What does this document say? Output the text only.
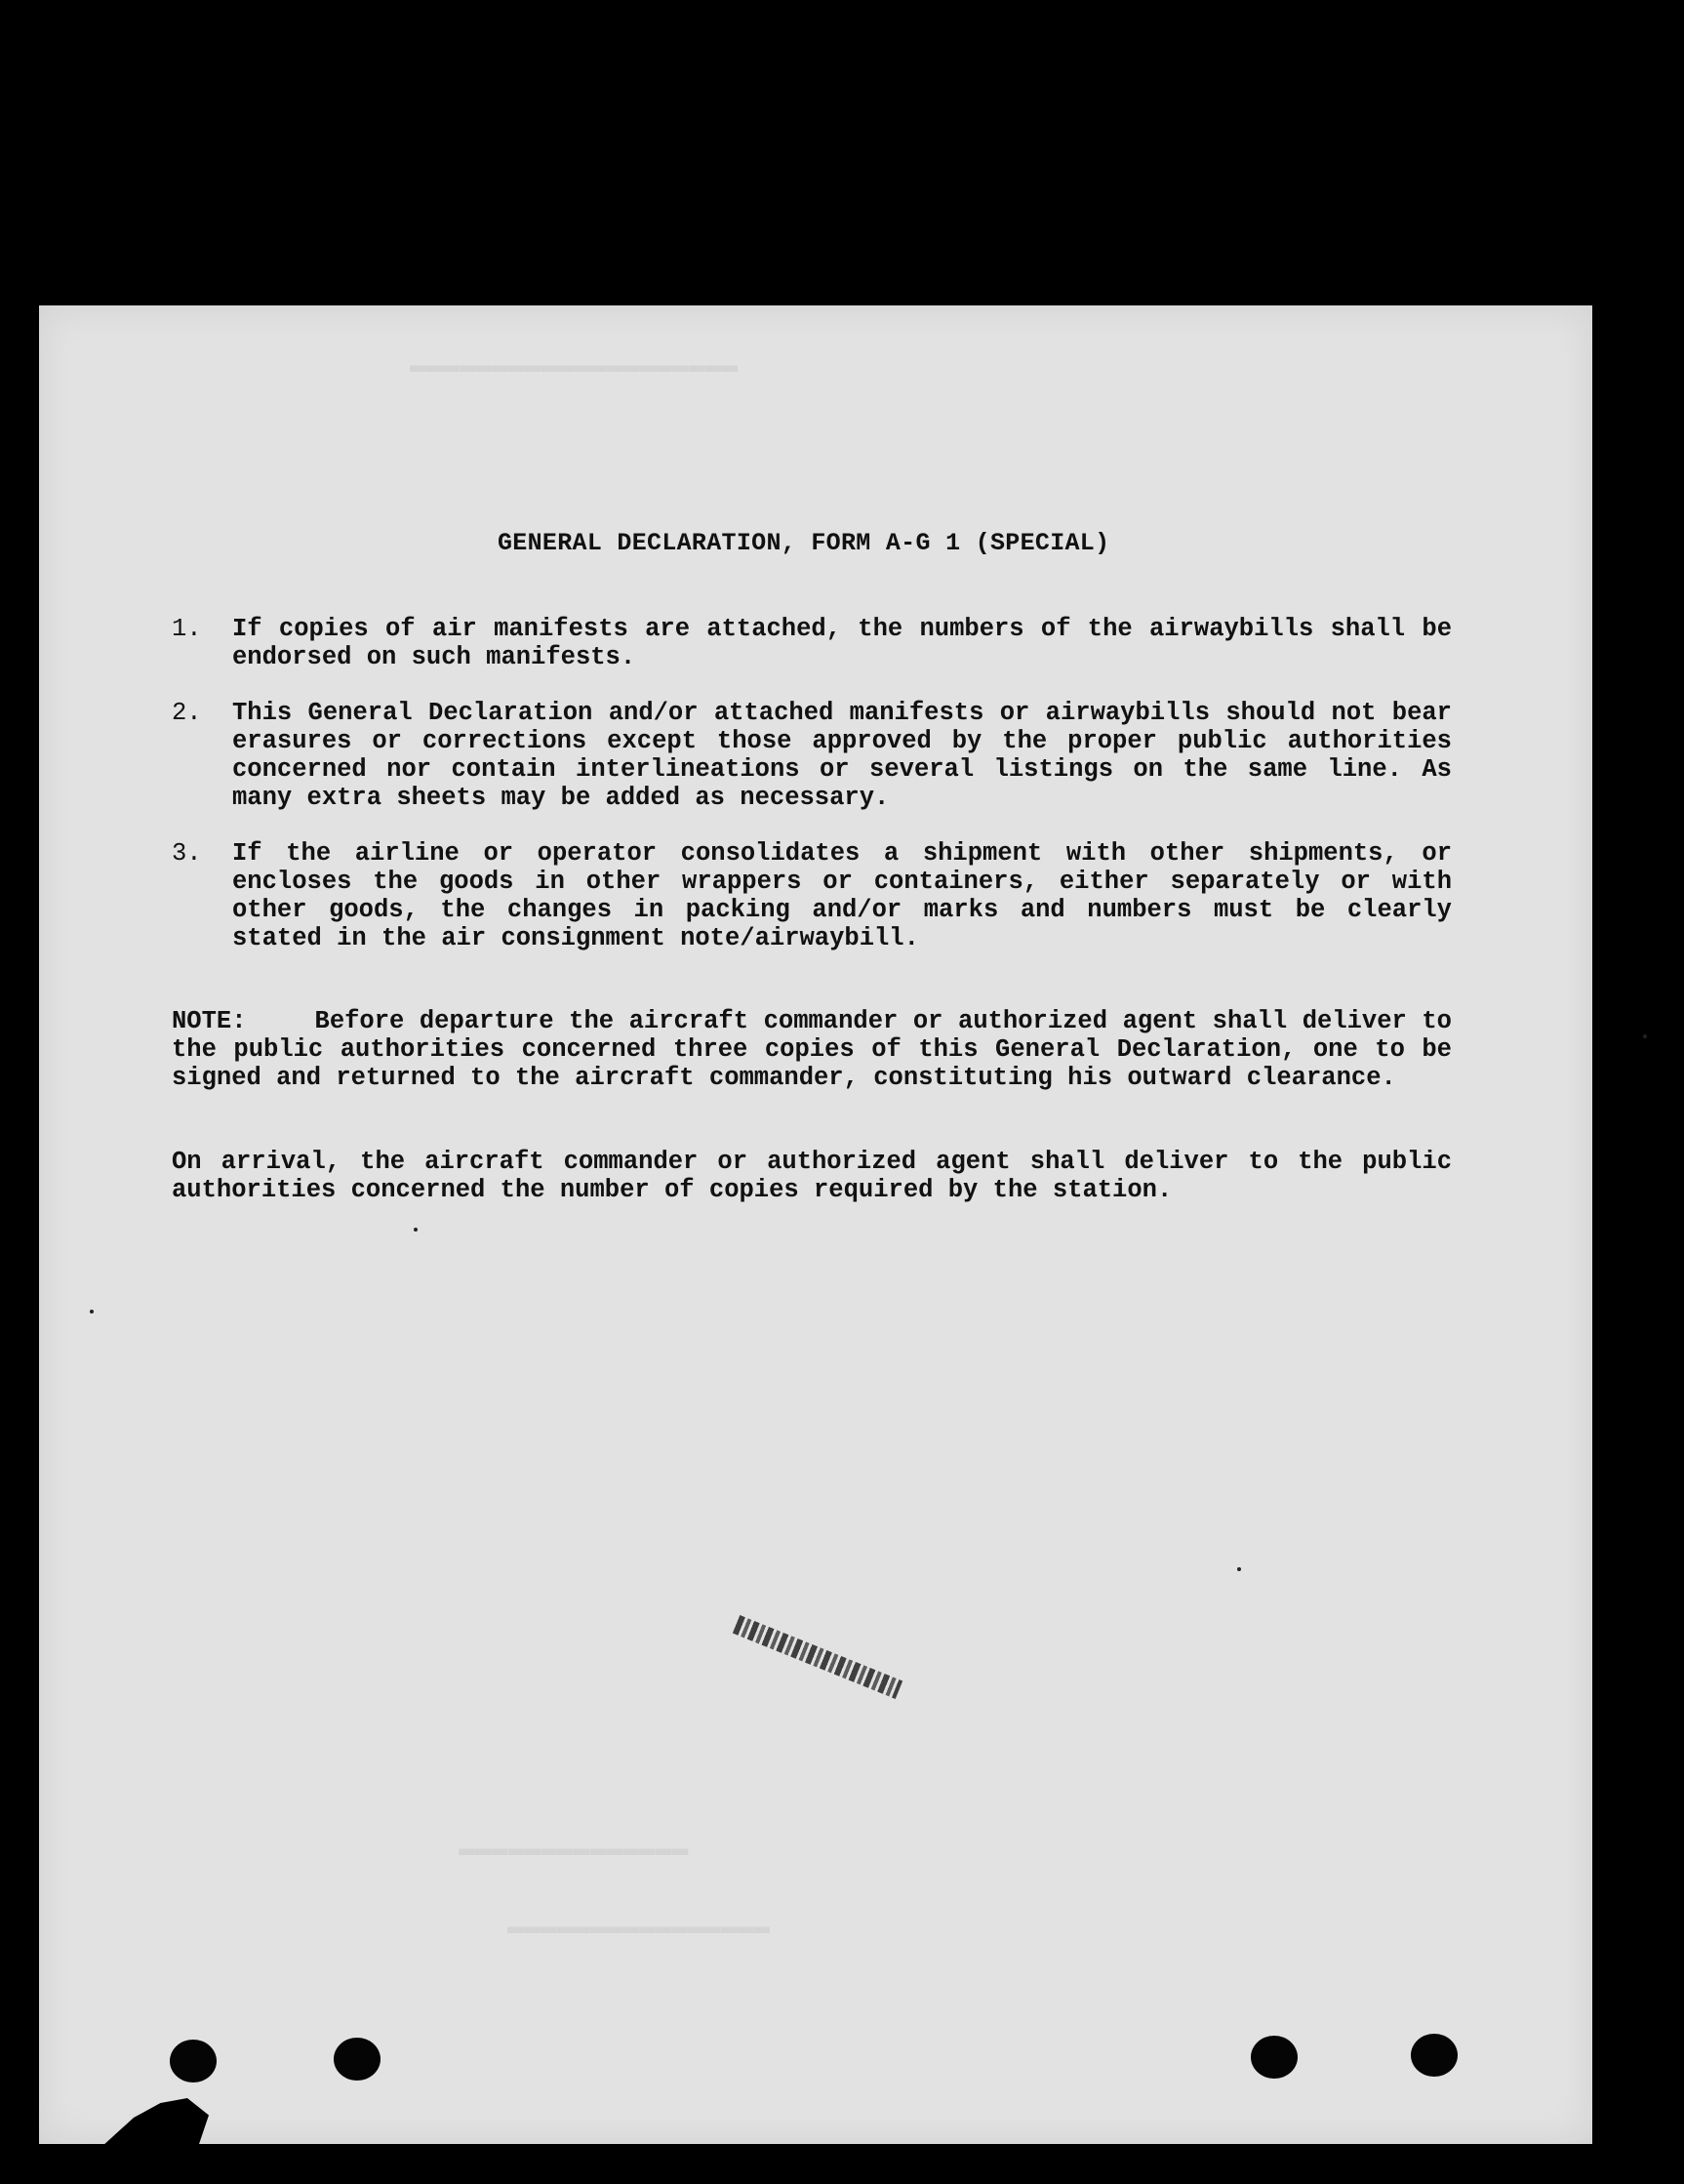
▬▬▬▬▬▬▬▬▬▬▬▬▬▬▬▬▬▬▬▬
▬▬▬▬▬▬▬▬▬▬▬▬▬▬
▬▬▬▬▬▬▬▬▬▬▬▬▬▬▬▬
GENERAL DECLARATION, FORM A-G 1 (SPECIAL)
1. If copies of air manifests are attached, the numbers of the airwaybills shall be endorsed on such manifests.
2. This General Declaration and/or attached manifests or airwaybills should not bear erasures or corrections except those approved by the proper public authorities concerned nor contain interlineations or several listings on the same line. As many extra sheets may be added as necessary.
3. If the airline or operator consolidates a shipment with other shipments, or encloses the goods in other wrappers or containers, either separately or with other goods, the changes in packing and/or marks and numbers must be clearly stated in the air consignment note/airwaybill.
NOTE:	Before departure the aircraft commander or authorized agent shall deliver to the public authorities concerned three copies of this General Declaration, one to be signed and returned to the aircraft commander, constituting his outward clearance.
On arrival, the aircraft commander or authorized agent shall deliver to the public authorities concerned the number of copies required by the station.
